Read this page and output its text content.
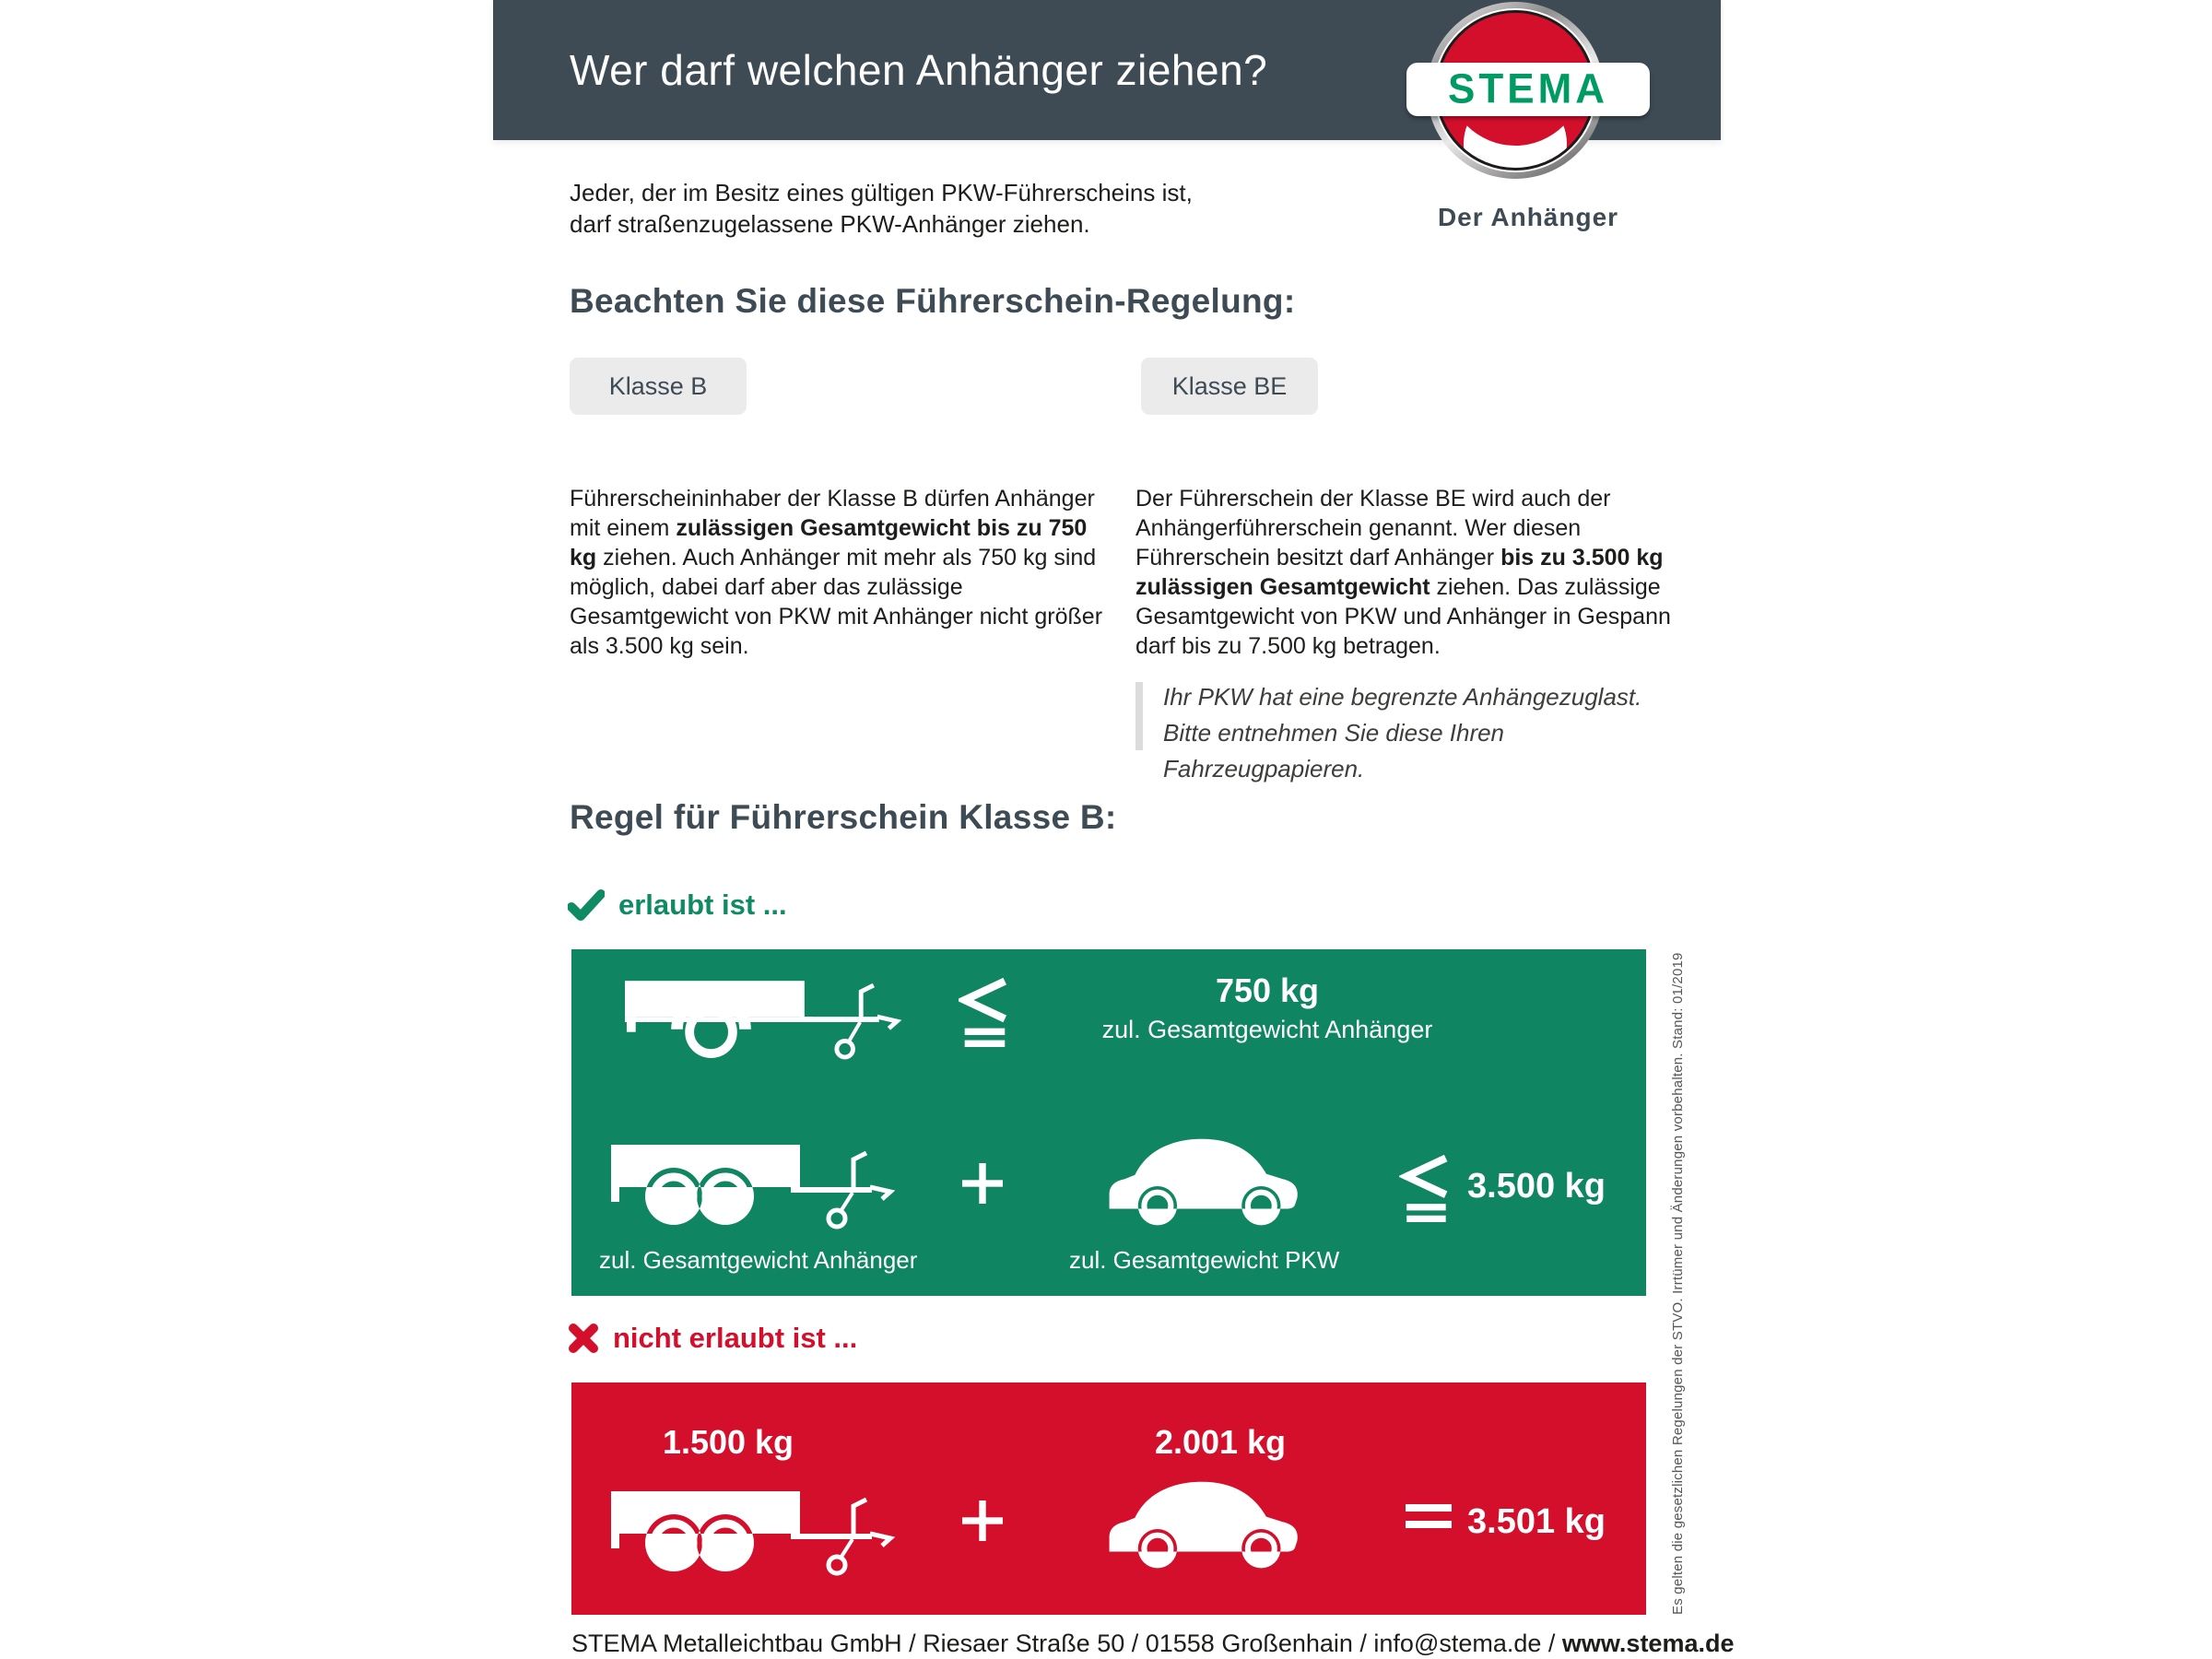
Wer darf welchen Anhänger ziehen?	STEMA
Der Anhänger
Jeder, der im Besitz eines gültigen PKW-Führerscheins ist,
darf straßenzugelassene PKW-Anhänger ziehen.
Beachten Sie diese Führerschein-Regelung:
Klasse B	Klasse BE

Führerscheininhaber der Klasse B dürfen Anhänger mit einem zulässigen Gesamtgewicht bis zu 750 kg ziehen. Auch Anhänger mit mehr als 750 kg sind möglich, dabei darf aber das zulässige Gesamtgewicht von PKW mit Anhänger nicht größer als 3.500 kg sein.

Der Führerschein der Klasse BE wird auch der Anhängerführerschein genannt. Wer diesen Führerschein besitzt darf Anhänger bis zu 3.500 kg zulässigen Gesamtgewicht ziehen. Das zulässige Gesamtgewicht von PKW und Anhänger in Gespann darf bis zu 7.500 kg betragen.

Ihr PKW hat eine begrenzte Anhängezuglast.
Bitte entnehmen Sie diese Ihren Fahrzeugpapieren.
Regel für Führerschein Klasse B:
erlaubt ist ...
750 kg
zul. Gesamtgewicht Anhänger
zul. Gesamtgewicht Anhänger	zul. Gesamtgewicht PKW
3.500 kg
nicht erlaubt ist ...
1.500 kg	2.001 kg
3.501 kg
STEMA Metalleichtbau GmbH / Riesaer Straße 50 / 01558 Großenhain / info@stema.de / www.stema.de
Es gelten die gesetzlichen Regelungen der STVO. Irrtümer und Änderungen vorbehalten. Stand: 01/2019
